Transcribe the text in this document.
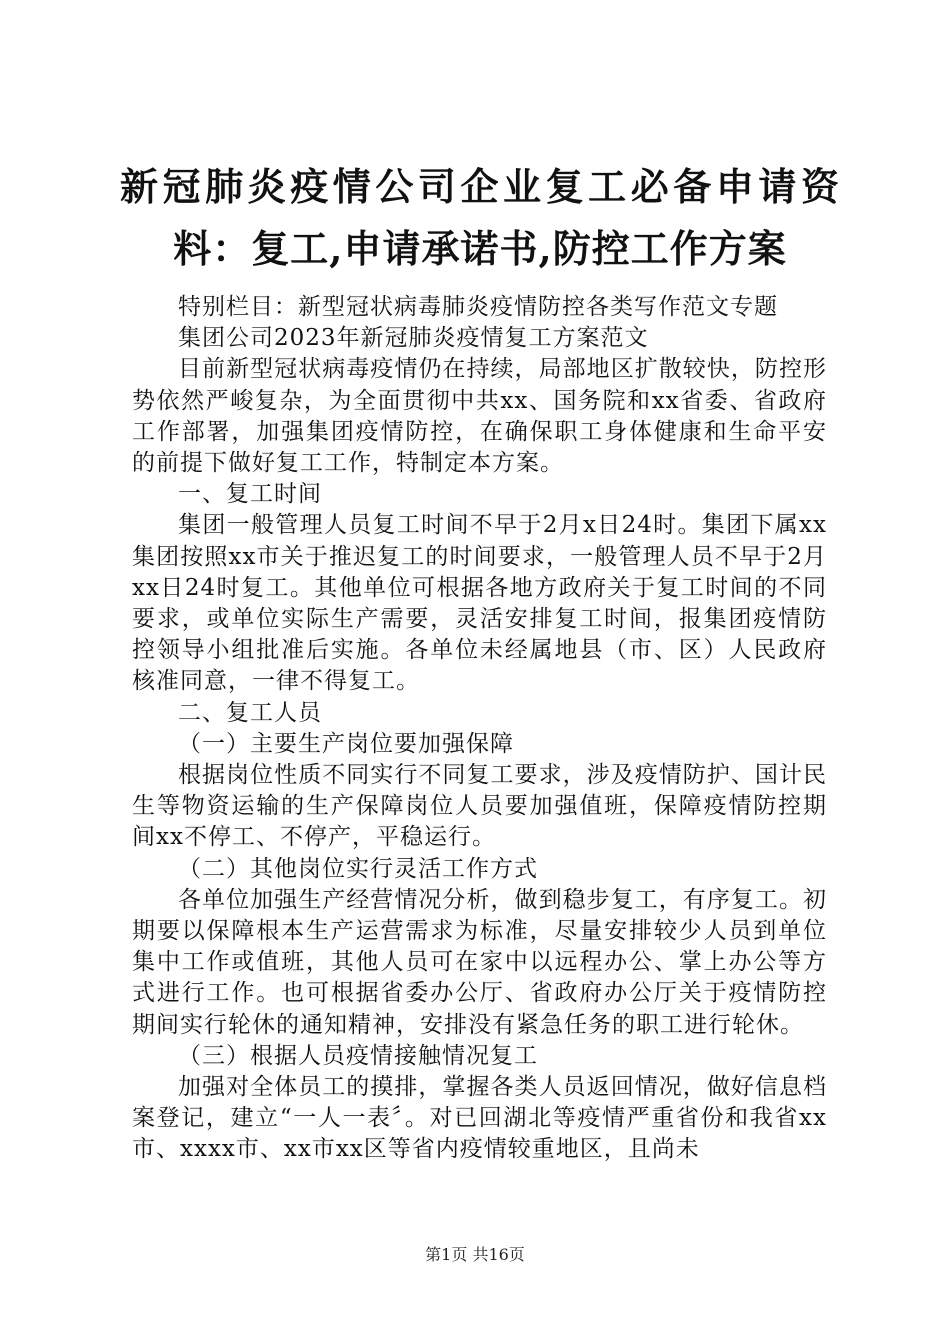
新冠肺炎疫情公司企业复工必备申请资料：复工,申请承诺书,防控工作方案

特别栏目：新型冠状病毒肺炎疫情防控各类写作范文专题

集团公司2023年新冠肺炎疫情复工方案范文

目前新型冠状病毒疫情仍在持续，局部地区扩散较快，防控形势依然严峻复杂，为全面贯彻中共xx、国务院和xx省委、省政府工作部署，加强集团疫情防控，在确保职工身体健康和生命平安的前提下做好复工工作，特制定本方案。

一、复工时间

集团一般管理人员复工时间不早于2月x日24时。集团下属xx集团按照xx市关于推迟复工的时间要求，一般管理人员不早于2月xx日24时复工。其他单位可根据各地方政府关于复工时间的不同要求，或单位实际生产需要，灵活安排复工时间，报集团疫情防控领导小组批准后实施。各单位未经属地县（市、区）人民政府核准同意，一律不得复工。

二、复工人员

（一）主要生产岗位要加强保障

根据岗位性质不同实行不同复工要求，涉及疫情防护、国计民生等物资运输的生产保障岗位人员要加强值班，保障疫情防控期间xx不停工、不停产，平稳运行。

（二）其他岗位实行灵活工作方式

各单位加强生产经营情况分析，做到稳步复工，有序复工。初期要以保障根本生产运营需求为标准，尽量安排较少人员到单位集中工作或值班，其他人员可在家中以远程办公、掌上办公等方式进行工作。也可根据省委办公厅、省政府办公厅关于疫情防控期间实行轮休的通知精神，安排没有紧急任务的职工进行轮休。

（三）根据人员疫情接触情况复工

加强对全体员工的摸排，掌握各类人员返回情况，做好信息档案登记，建立“一人一表〞。对已回湖北等疫情严重省份和我省xx市、xxxx市、xx市xx区等省内疫情较重地区，且尚未

第1页 共16页
